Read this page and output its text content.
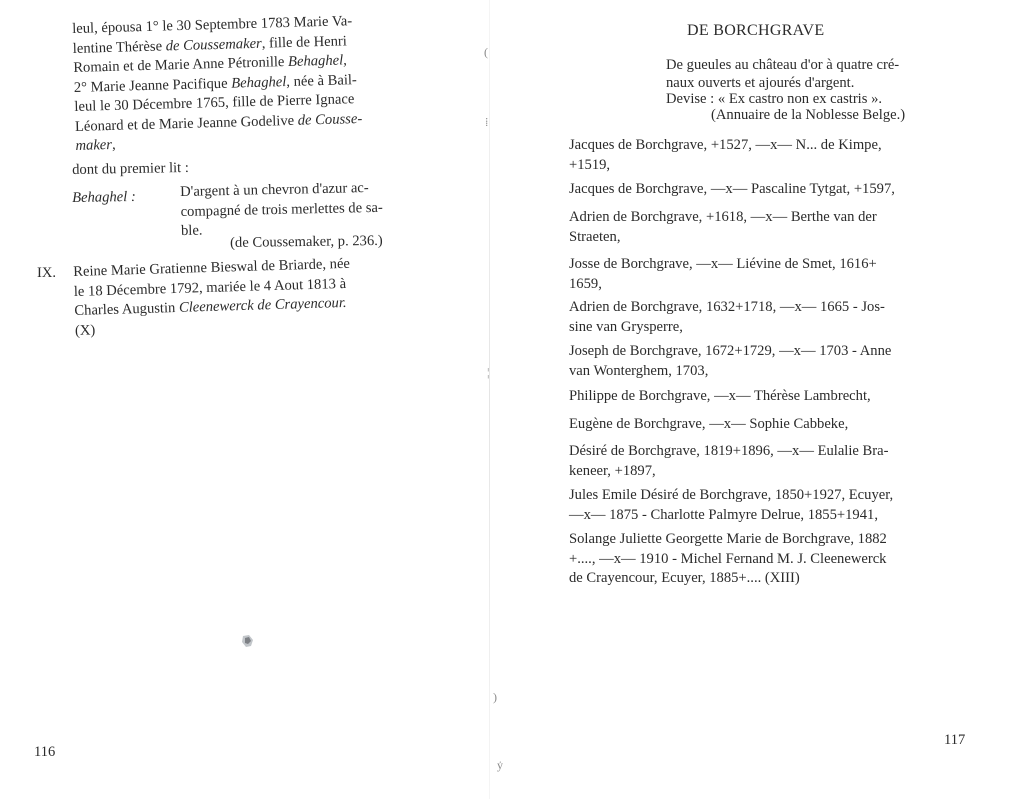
leul, épousa 1° le 30 Septembre 1783 Marie Va-
lentine Thérèse de Coussemaker, fille de Henri
Romain et de Marie Anne Pétronille Behaghel,
2° Marie Jeanne Pacifique Behaghel, née à Bail-
leul le 30 Décembre 1765, fille de Pierre Ignace
Léonard et de Marie Jeanne Godelive de Cousse-
maker,
dont du premier lit :
Behaghel :	D'argent à un chevron d'azur ac-
compagné de trois merlettes de sa-
ble.
(de Coussemaker, p. 236.)
IX. Reine Marie Gratienne Bieswal de Briarde, née
le 18 Décembre 1792, mariée le 4 Aout 1813 à
Charles Augustin Cleenewerck de Crayencour.
(X)
116
(
⁞
¦
)
ẏ
DE BORCHGRAVE
De gueules au château d'or à quatre cré-
naux ouverts et ajourés d'argent.
Devise : « Ex castro non ex castris ».
(Annuaire de la Noblesse Belge.)
Jacques de Borchgrave, +1527, —x— N... de Kimpe,
+1519,
Jacques de Borchgrave, —x— Pascaline Tytgat, +1597,
Adrien de Borchgrave, +1618, —x— Berthe van der
Straeten,
Josse de Borchgrave, —x— Liévine de Smet, 1616+
1659,
Adrien de Borchgrave, 1632+1718, —x— 1665 - Jos-
sine van Grysperre,
Joseph de Borchgrave, 1672+1729, —x— 1703 - Anne
van Wonterghem, 1703,
Philippe de Borchgrave, —x— Thérèse Lambrecht,
Eugène de Borchgrave, —x— Sophie Cabbeke,
Désiré de Borchgrave, 1819+1896, —x— Eulalie Bra-
keneer, +1897,
Jules Emile Désiré de Borchgrave, 1850+1927, Ecuyer,
—x— 1875 - Charlotte Palmyre Delrue, 1855+1941,
Solange Juliette Georgette Marie de Borchgrave, 1882
+...., —x— 1910 - Michel Fernand M. J. Cleenewerck
de Crayencour, Ecuyer, 1885+.... (XIII)
117
